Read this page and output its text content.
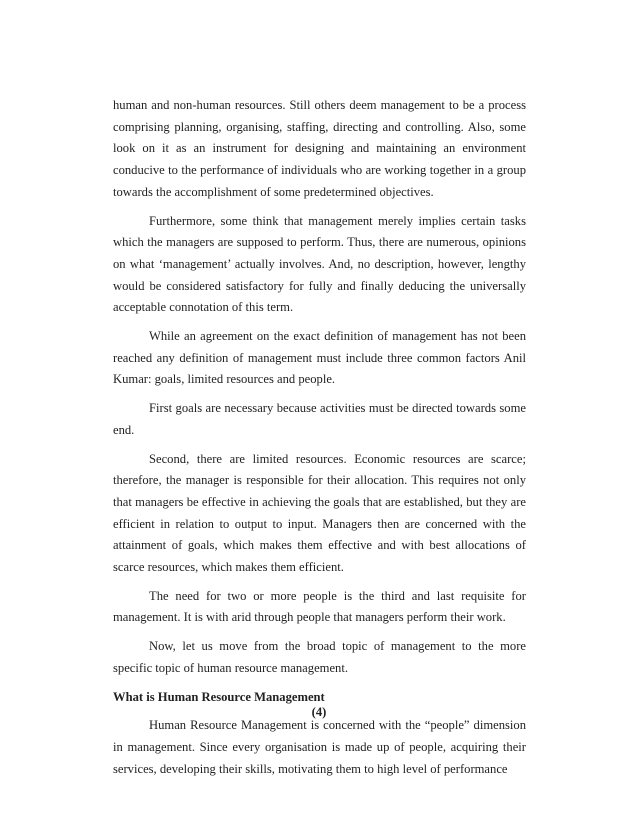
human and non-human resources. Still others deem management to be a process comprising planning, organising, staffing, directing and controlling. Also, some look on it as an instrument for designing and maintaining an environment conducive to the performance of individuals who are working together in a group towards the accomplishment of some predetermined objectives.

Furthermore, some think that management merely implies certain tasks which the managers are supposed to perform. Thus, there are numerous, opinions on what ‘management’ actually involves. And, no description, however, lengthy would be considered satisfactory for fully and finally deducing the universally acceptable connotation of this term.

While an agreement on the exact definition of management has not been reached any definition of management must include three common factors Anil Kumar: goals, limited resources and people.

First goals are necessary because activities must be directed towards some end.

Second, there are limited resources. Economic resources are scarce; therefore, the manager is responsible for their allocation. This requires not only that managers be effective in achieving the goals that are established, but they are efficient in relation to output to input. Managers then are concerned with the attainment of goals, which makes them effective and with best allocations of scarce resources, which makes them efficient.

The need for two or more people is the third and last requisite for management. It is with arid through people that managers perform their work.

Now, let us move from the broad topic of management to the more specific topic of human resource management.

What is Human Resource Management

Human Resource Management is concerned with the “people” dimension in management. Since every organisation is made up of people, acquiring their services, developing their skills, motivating them to high level of performance

(4)
